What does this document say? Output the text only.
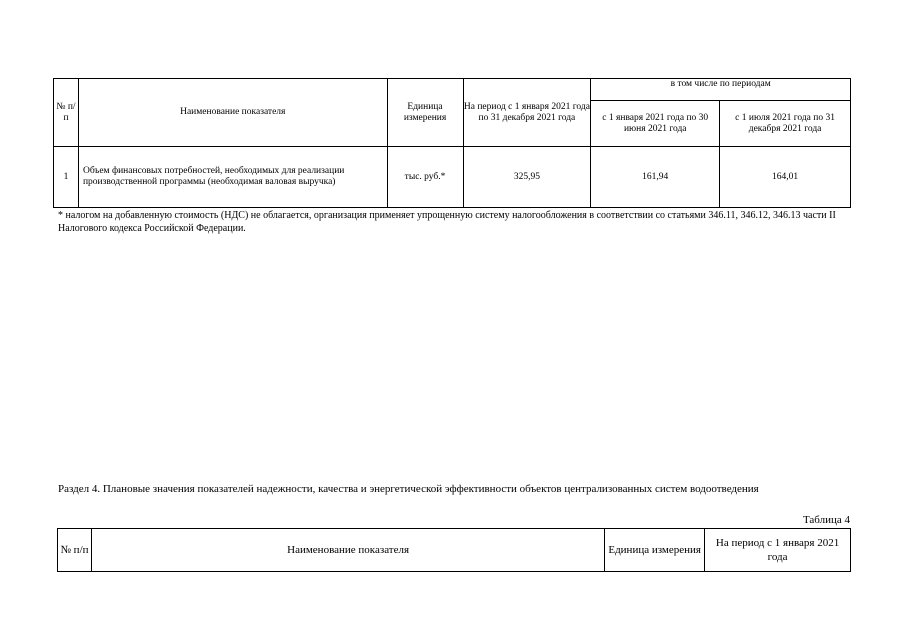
№ п/п	Наименование показателя	Единица измерения	На период с 1 января 2021 года по 31 декабря 2021 года	в том числе по периодам	
				с 1 января 2021 года по 30 июня 2021 года	с 1 июля 2021 года по 31 декабря 2021 года
1	Объем финансовых потребностей, необходимых для реализации производственной программы (необходимая валовая выручка)	тыс. руб.*	325,95	161,94	164,01
* налогом на добавленную стоимость (НДС) не облагается, организация применяет упрощенную систему налогообложения в соответствии со статьями 346.11, 346.12, 346.13 части II Налогового кодекса Российской Федерации.
Раздел 4. Плановые значения показателей надежности, качества и энергетической эффективности объектов централизованных систем водоотведения
Таблица 4
№ п/п	Наименование показателя	Единица измерения	На период с 1 января 2021 года
